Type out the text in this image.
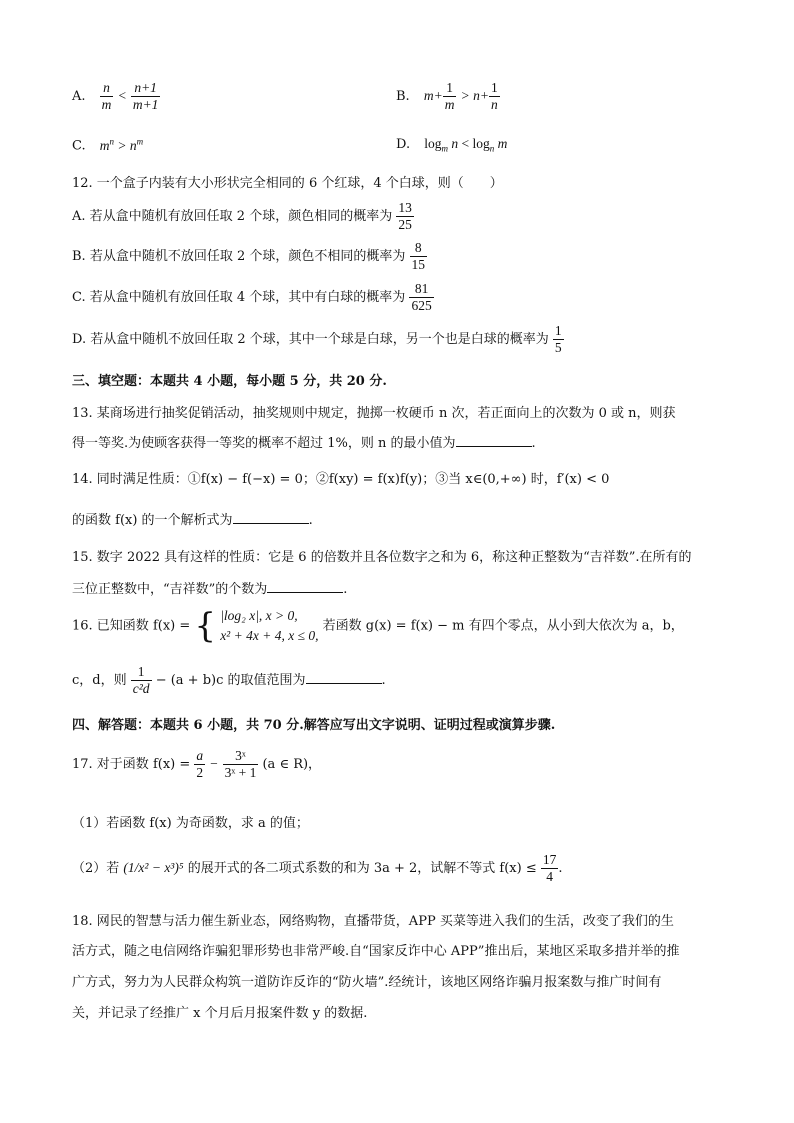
A. $\frac{n}{m} < \frac{n+1}{m+1}$	B. $m+ \frac{1}{m} > n+ \frac{1}{n}$
C. $m^n > n^m$	D. $\log_m n < \log_n m$
12. 一个盒子内装有大小形状完全相同的 6 个红球，4 个白球，则（　　）
A. 若从盒中随机有放回任取 2 个球，颜色相同的概率为 $\frac{13}{25}$
B. 若从盒中随机不放回任取 2 个球，颜色不相同的概率为 $\frac{8}{15}$
C. 若从盒中随机有放回任取 4 个球，其中有白球的概率为 $\frac{81}{625}$
D. 若从盒中随机不放回任取 2 个球，其中一个球是白球，另一个也是白球的概率为 $\frac{1}{5}$
三、填空题：本题共 4 小题，每小题 5 分，共 20 分.
13. 某商场进行抽奖促销活动，抽奖规则中规定，抛掷一枚硬币 n 次，若正面向上的次数为 0 或 n，则获
得一等奖.为使顾客获得一等奖的概率不超过 1%，则 n 的最小值为	.
14. 同时满足性质：①f(x) − f(−x) = 0；②f(xy) = f(x)f(y)；③当 x∈(0,+∞) 时，f′(x) < 0
的函数 f(x) 的一个解析式为	.
15. 数字 2022 具有这样的性质：它是 6 的倍数并且各位数字之和为 6，称这种正整数为“吉祥数”.在所有的
三位正整数中，“吉祥数”的个数为	.
16. 已知函数 f(x) = { |log₂ x|, x > 0,
x² + 4x + 4, x ≤ 0,
若函数 g(x) = f(x) − m 有四个零点，从小到大依次为 a，b，
c，d，则 $\frac{1}{\text{c²d}} - (a + b)c$ 的取值范围为	.
四、解答题：本题共 6 小题，共 70 分.解答应写出文字说明、证明过程或演算步骤.
17. 对于函数 $f(x) = \frac{a}{2} - \frac{\text{3ˣ}}{\text{3ˣ + 1}} (a$ ∈ R)，
（1）若函数 f(x) 为奇函数，求 a 的值；
（2）若 (1/x² − x³)⁵ 的展开式的各二项式系数的和为 3a + 2，试解不等式 $f(x) \le \frac{17}{4}$ .
18. 网民的智慧与活力催生新业态，网络购物，直播带货，APP 买菜等进入我们的生活，改变了我们的生
活方式，随之电信网络诈骗犯罪形势也非常严峻.自“国家反诈中心 APP”推出后，某地区采取多措并举的推
广方式，努力为人民群众构筑一道防诈反诈的“防火墙”.经统计，该地区网络诈骗月报案数与推广时间有
关，并记录了经推广 x 个月后月报案件数 y 的数据.
